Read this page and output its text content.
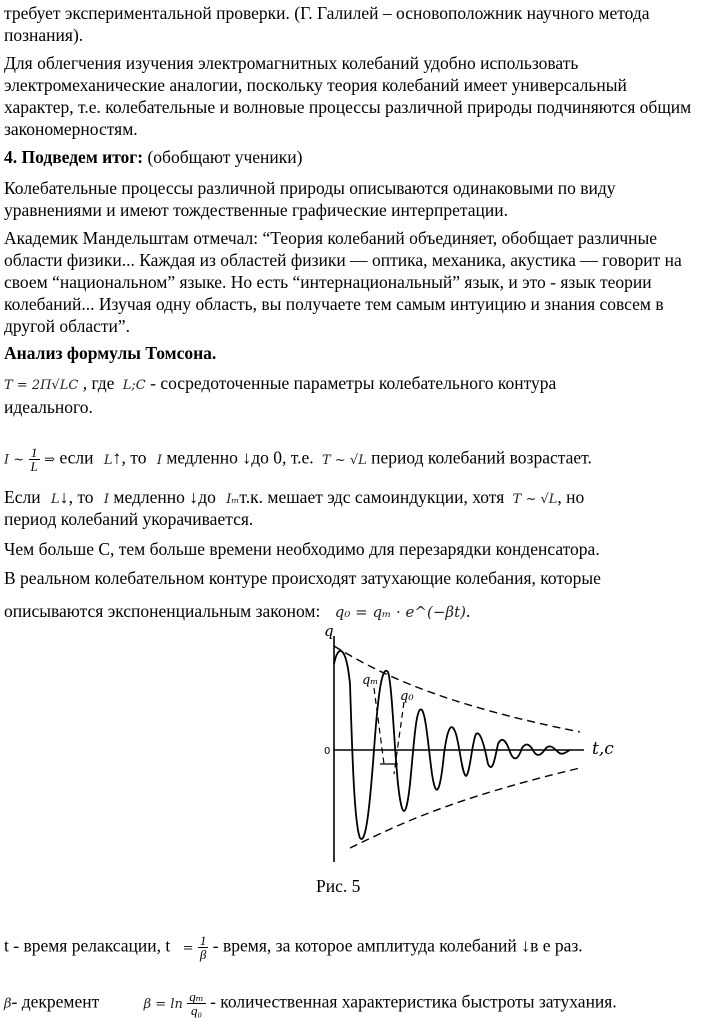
требует экспериментальной проверки. (Г. Галилей – основоположник научного метода познания).

Для облегчения изучения электромагнитных колебаний удобно использовать электромеханические аналогии, поскольку теория колебаний имеет универсальный характер, т.е. колебательные и волновые процессы различной природы подчиняются общим закономерностям.

4. Подведем итог: (обобщают ученики)

Колебательные процессы различной природы описываются одинаковыми по виду уравнениями и имеют тождественные графические интерпретации.

Академик Мандельштам отмечал: “Теория колебаний объединяет, обобщает различные области физики... Каждая из областей физики — оптика, механика, акустика — говорит на своем “национальном” языке. Но есть “интернациональный” язык, и это - язык теории колебаний... Изучая одну область, вы получаете тем самым интуицию и знания совсем в другой области”.

Анализ формулы Томсона.

T = 2П√LC , где L;C - сосредоточенные параметры колебательного контура
идеального.
I ~ $\frac{1}{L}$ ⇒ если L↑, то I медленно ↓до 0, т.е. T ~ √L период колебаний возрастает.
Если L↓, то I медленно ↓до Iₘт.к. мешает эдс самоиндукции, хотя T ~ √L, но
период колебаний укорачивается.
Чем больше С, тем больше времени необходимо для перезарядки конденсатора.
В реальном колебательном контуре происходят затухающие колебания, которые
описываются экспоненциальным законом: q₀ = qₘ · e^(−βt).
q
t,c
0
qₘ
q₀

Рис. 5

t - время релаксации, $t = \frac{1}{\beta}$ - время, за которое амплитуда колебаний ↓в е раз.
β- декремент	$\beta = \ln \frac{\text{qₘ}}{\text{q₀}}$ - количественная характеристика быстроты затухания.
